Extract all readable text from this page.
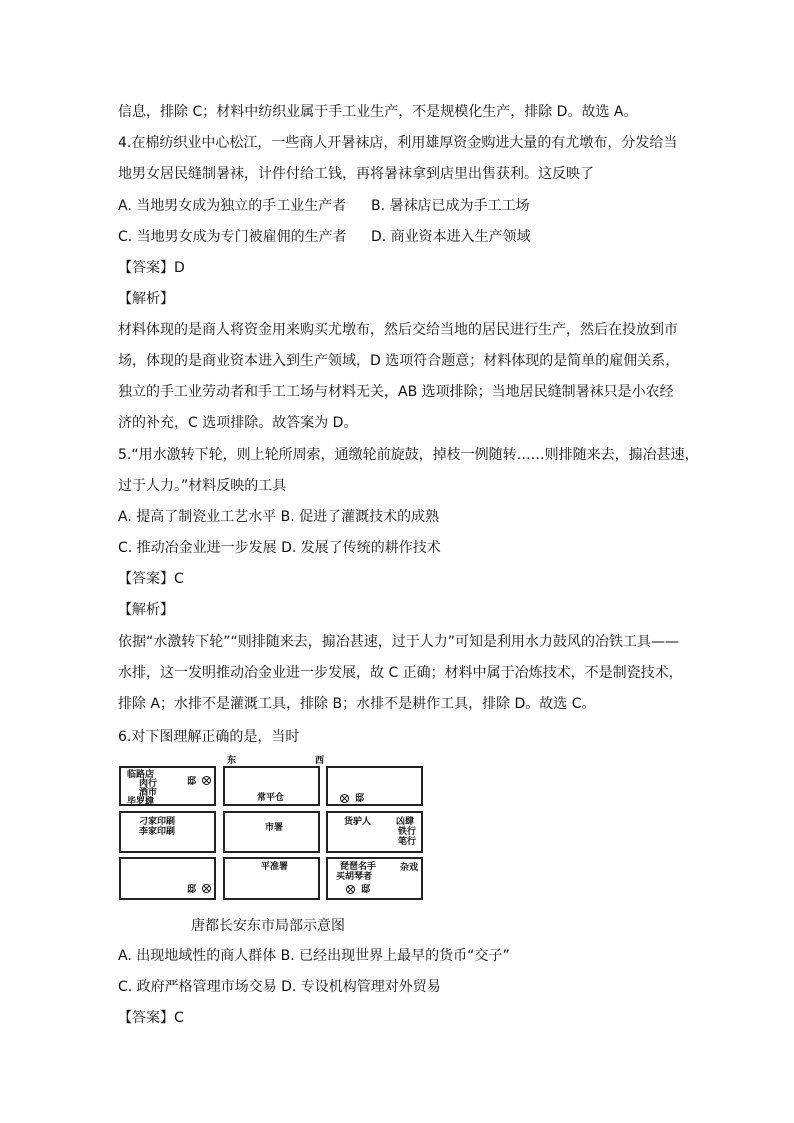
信息，排除 C；材料中纺织业属于手工业生产，不是规模化生产，排除 D。故选 A。
4.在棉纺织业中心松江，一些商人开暑袜店，利用雄厚资金购进大量的有尤墩布，分发给当
地男女居民缝制暑袜，计件付给工钱，再将暑袜拿到店里出售获利。这反映了
A. 当地男女成为独立的手工业生产者 B. 暑袜店已成为手工工场
C. 当地男女成为专门被雇佣的生产者 D. 商业资本进入生产领域
【答案】D
【解析】
材料体现的是商人将资金用来购买尤墩布，然后交给当地的居民进行生产，然后在投放到市
场，体现的是商业资本进入到生产领域，D 选项符合题意；材料体现的是简单的雇佣关系，
独立的手工业劳动者和手工工场与材料无关，AB 选项排除；当地居民缝制暑袜只是小农经
济的补充，C 选项排除。故答案为 D。
5.“用水激转下轮，则上轮所周索，通缴轮前旋鼓，掉枝一例随转……则排随来去，搧冶甚速，
过于人力。”材料反映的工具
A. 提高了制瓷业工艺水平 B. 促进了灌溉技术的成熟
C. 推动冶金业进一步发展 D. 发展了传统的耕作技术
【答案】C
【解析】
依据“水激转下轮”“则排随来去，搧冶甚速，过于人力”可知是利用水力鼓风的冶铁工具——
水排，这一发明推动冶金业进一步发展，故 C 正确；材料中属于冶炼技术，不是制瓷技术，
排除 A；水排不是灌溉工具，排除 B；水排不是耕作工具，排除 D。故选 C。
6.对下图理解正确的是，当时
东	西
临路店
肉行
酒市
毕罗肆
邸
常平仓	邸
刁家印刷
李家印刷	市署
货驴人	凶肆
铁行
笔行
邸
平准署	琵琶名手
买胡琴者
杂戏
邸
唐都长安东市局部示意图
A. 出现地域性的商人群体 B. 已经出现世界上最早的货币“交子”
C. 政府严格管理市场交易 D. 专设机构管理对外贸易
【答案】C
